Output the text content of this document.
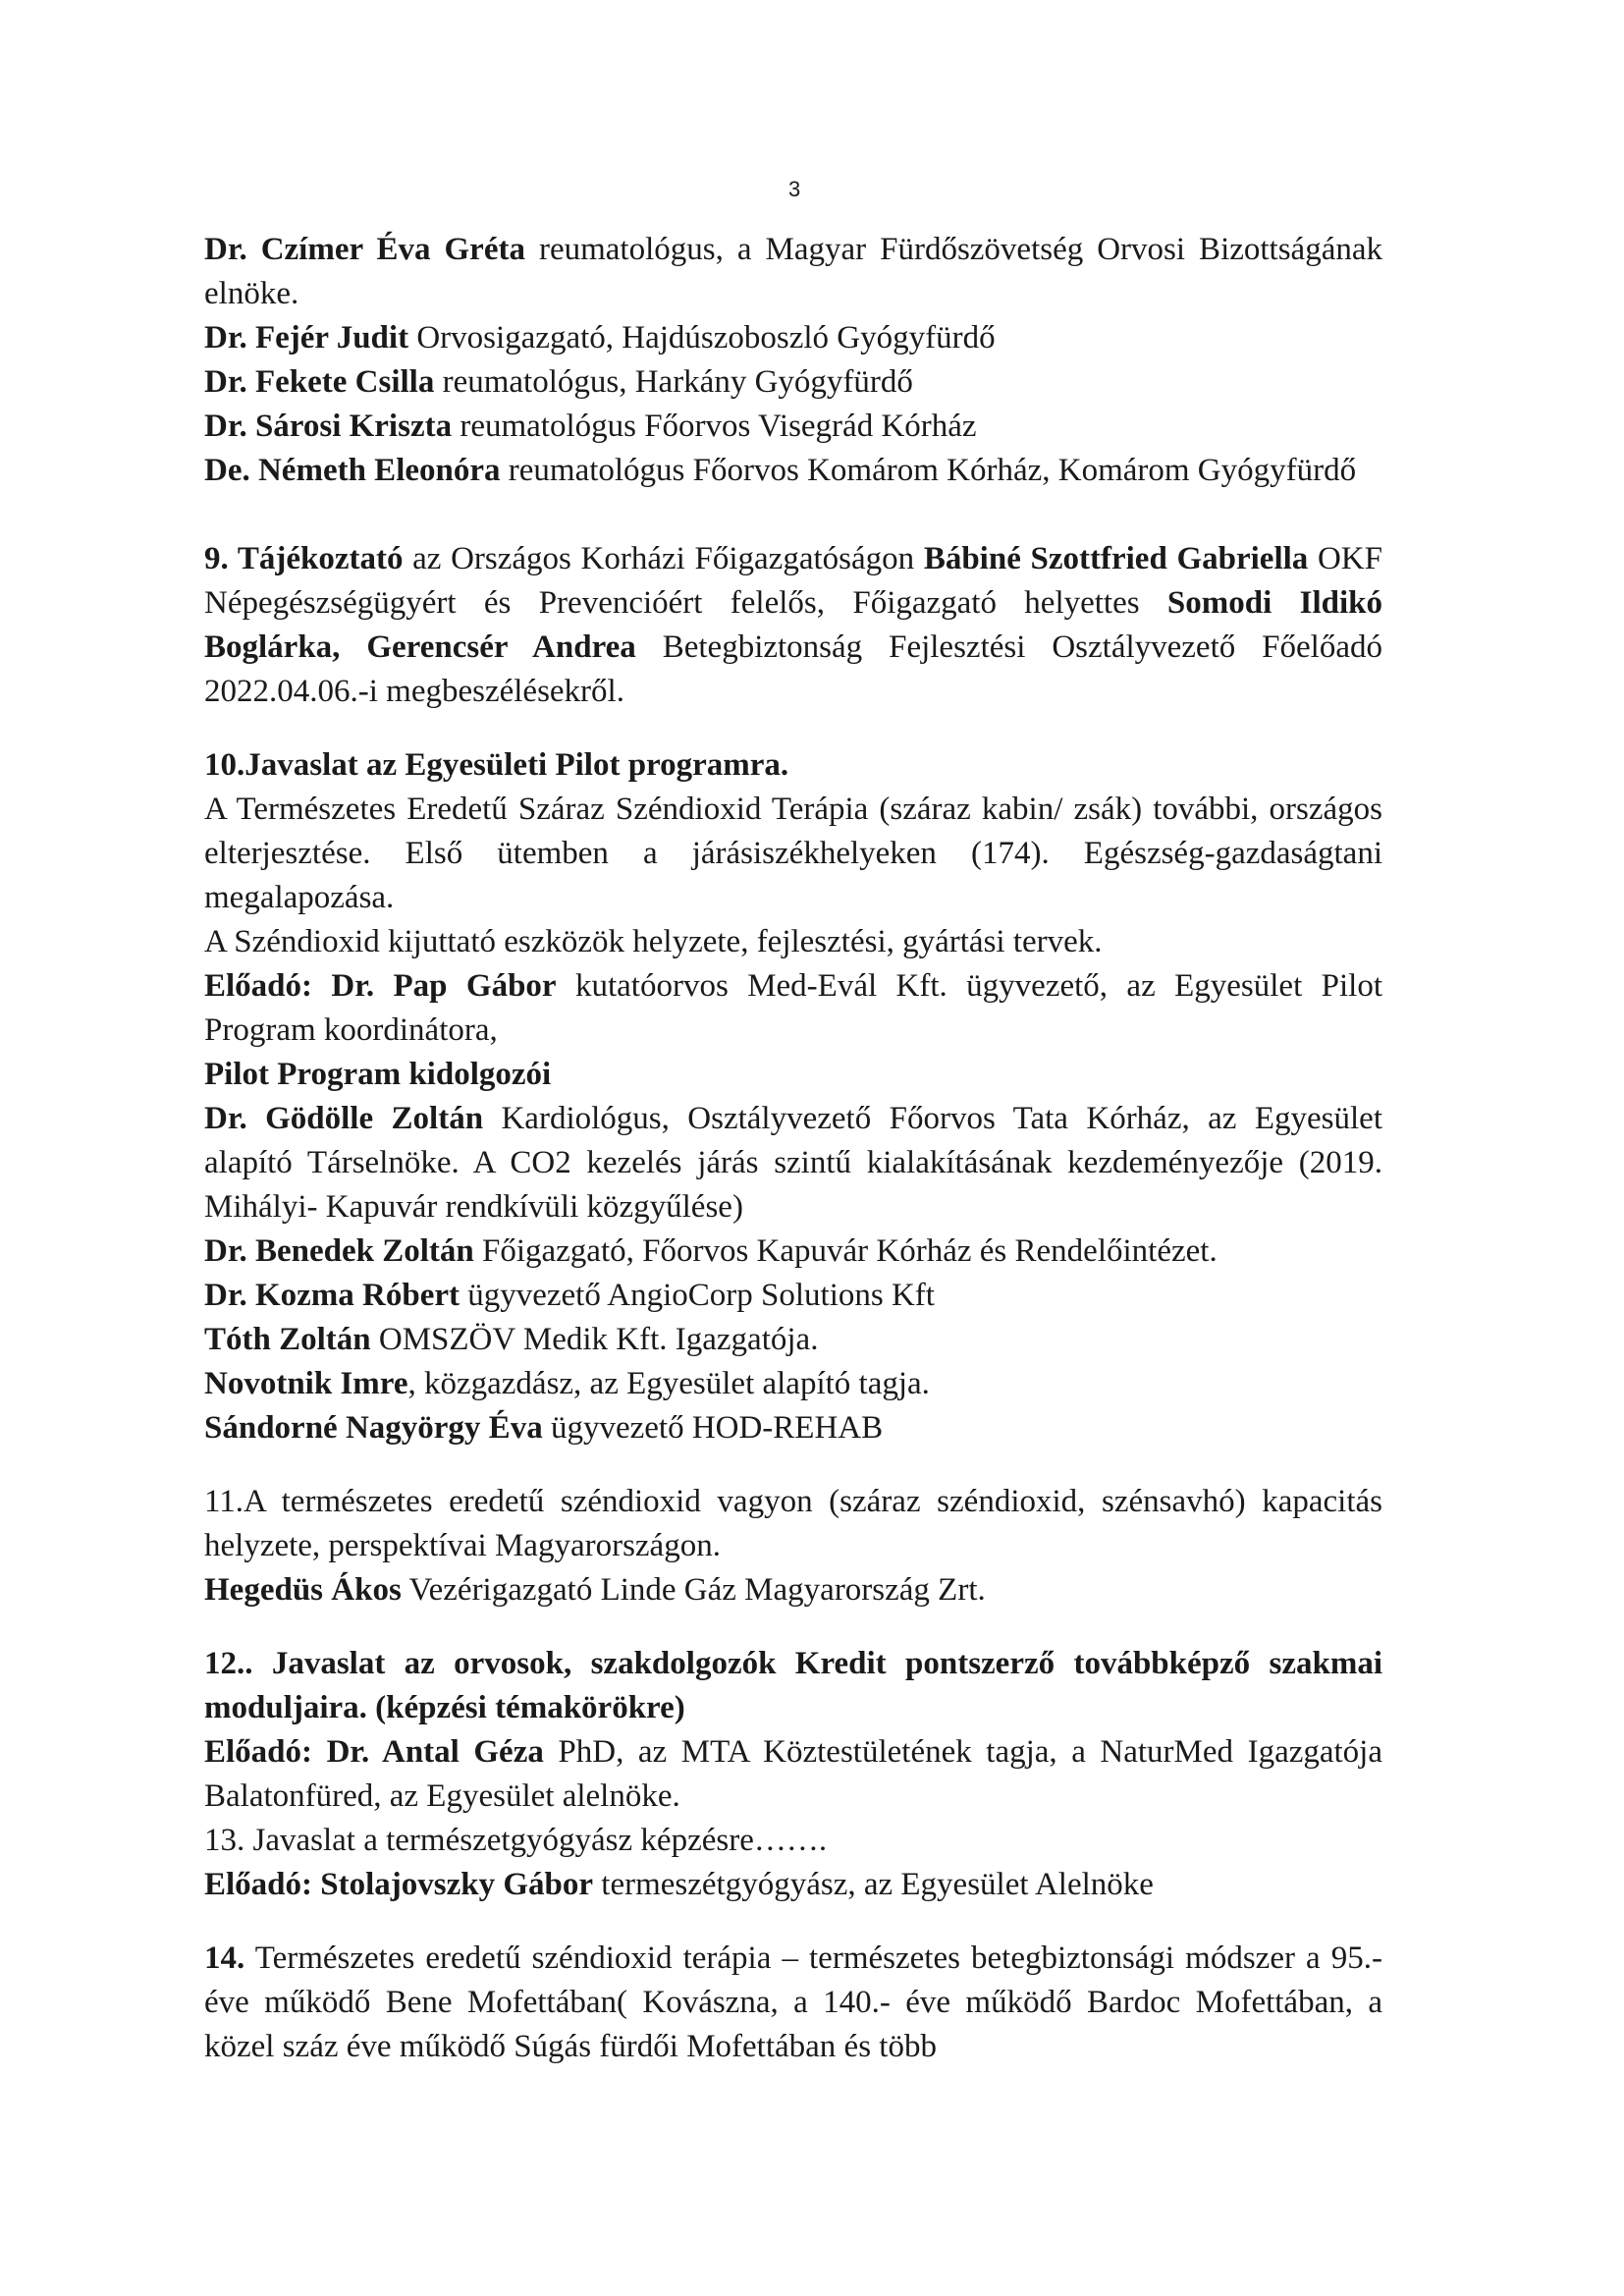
3

Dr. Czímer Éva Gréta reumatológus, a Magyar Fürdőszövetség Orvosi Bizottságának elnöke.

Dr. Fejér Judit Orvosigazgató, Hajdúszoboszló Gyógyfürdő

Dr. Fekete Csilla reumatológus, Harkány Gyógyfürdő

Dr. Sárosi Kriszta reumatológus Főorvos Visegrád Kórház

De. Németh Eleonóra reumatológus Főorvos Komárom Kórház, Komárom Gyógyfürdő

9. Tájékoztató az Országos Korházi Főigazgatóságon Bábiné Szottfried Gabriella OKF Népegészségügyért és Prevencióért felelős, Főigazgató helyettes Somodi Ildikó Boglárka, Gerencsér Andrea Betegbiztonság Fejlesztési Osztályvezető Főelőadó 2022.04.06.-i megbeszélésekről.

10.Javaslat az Egyesületi Pilot programra.

A Természetes Eredetű Száraz Széndioxid Terápia (száraz kabin/ zsák) további, országos elterjesztése. Első ütemben a járásiszékhelyeken (174). Egészség-gazdaságtani megalapozása.

A Széndioxid kijuttató eszközök helyzete, fejlesztési, gyártási tervek.

Előadó: Dr. Pap Gábor kutatóorvos Med-Evál Kft. ügyvezető, az Egyesület Pilot Program koordinátora,

Pilot Program kidolgozói

Dr. Gödölle Zoltán Kardiológus, Osztályvezető Főorvos Tata Kórház, az Egyesület alapító Társelnöke. A CO2 kezelés járás szintű kialakításának kezdeményezője (2019. Mihályi- Kapuvár rendkívüli közgyűlése)

Dr. Benedek Zoltán Főigazgató, Főorvos Kapuvár Kórház és Rendelőintézet.

Dr. Kozma Róbert ügyvezető AngioCorp Solutions Kft

Tóth Zoltán OMSZÖV Medik Kft. Igazgatója.

Novotnik Imre, közgazdász, az Egyesület alapító tagja.

Sándorné Nagyörgy Éva ügyvezető HOD-REHAB

11.A természetes eredetű széndioxid vagyon (száraz széndioxid, szénsavhó) kapacitás helyzete, perspektívai Magyarországon.

Hegedüs Ákos Vezérigazgató Linde Gáz Magyarország Zrt.

12.. Javaslat az orvosok, szakdolgozók Kredit pontszerző továbbképző szakmai moduljaira. (képzési témakörökre)

Előadó: Dr. Antal Géza PhD, az MTA Köztestületének tagja, a NaturMed Igazgatója Balatonfüred, az Egyesület alelnöke.

13. Javaslat a természetgyógyász képzésre…….

Előadó: Stolajovszky Gábor termeszétgyógyász, az Egyesület Alelnöke

14. Természetes eredetű széndioxid terápia – természetes betegbiztonsági módszer a 95.-éve működő Bene Mofettában( Kovászna, a 140.- éve működő Bardoc Mofettában, a közel száz éve működő Súgás fürdői Mofettában és több
